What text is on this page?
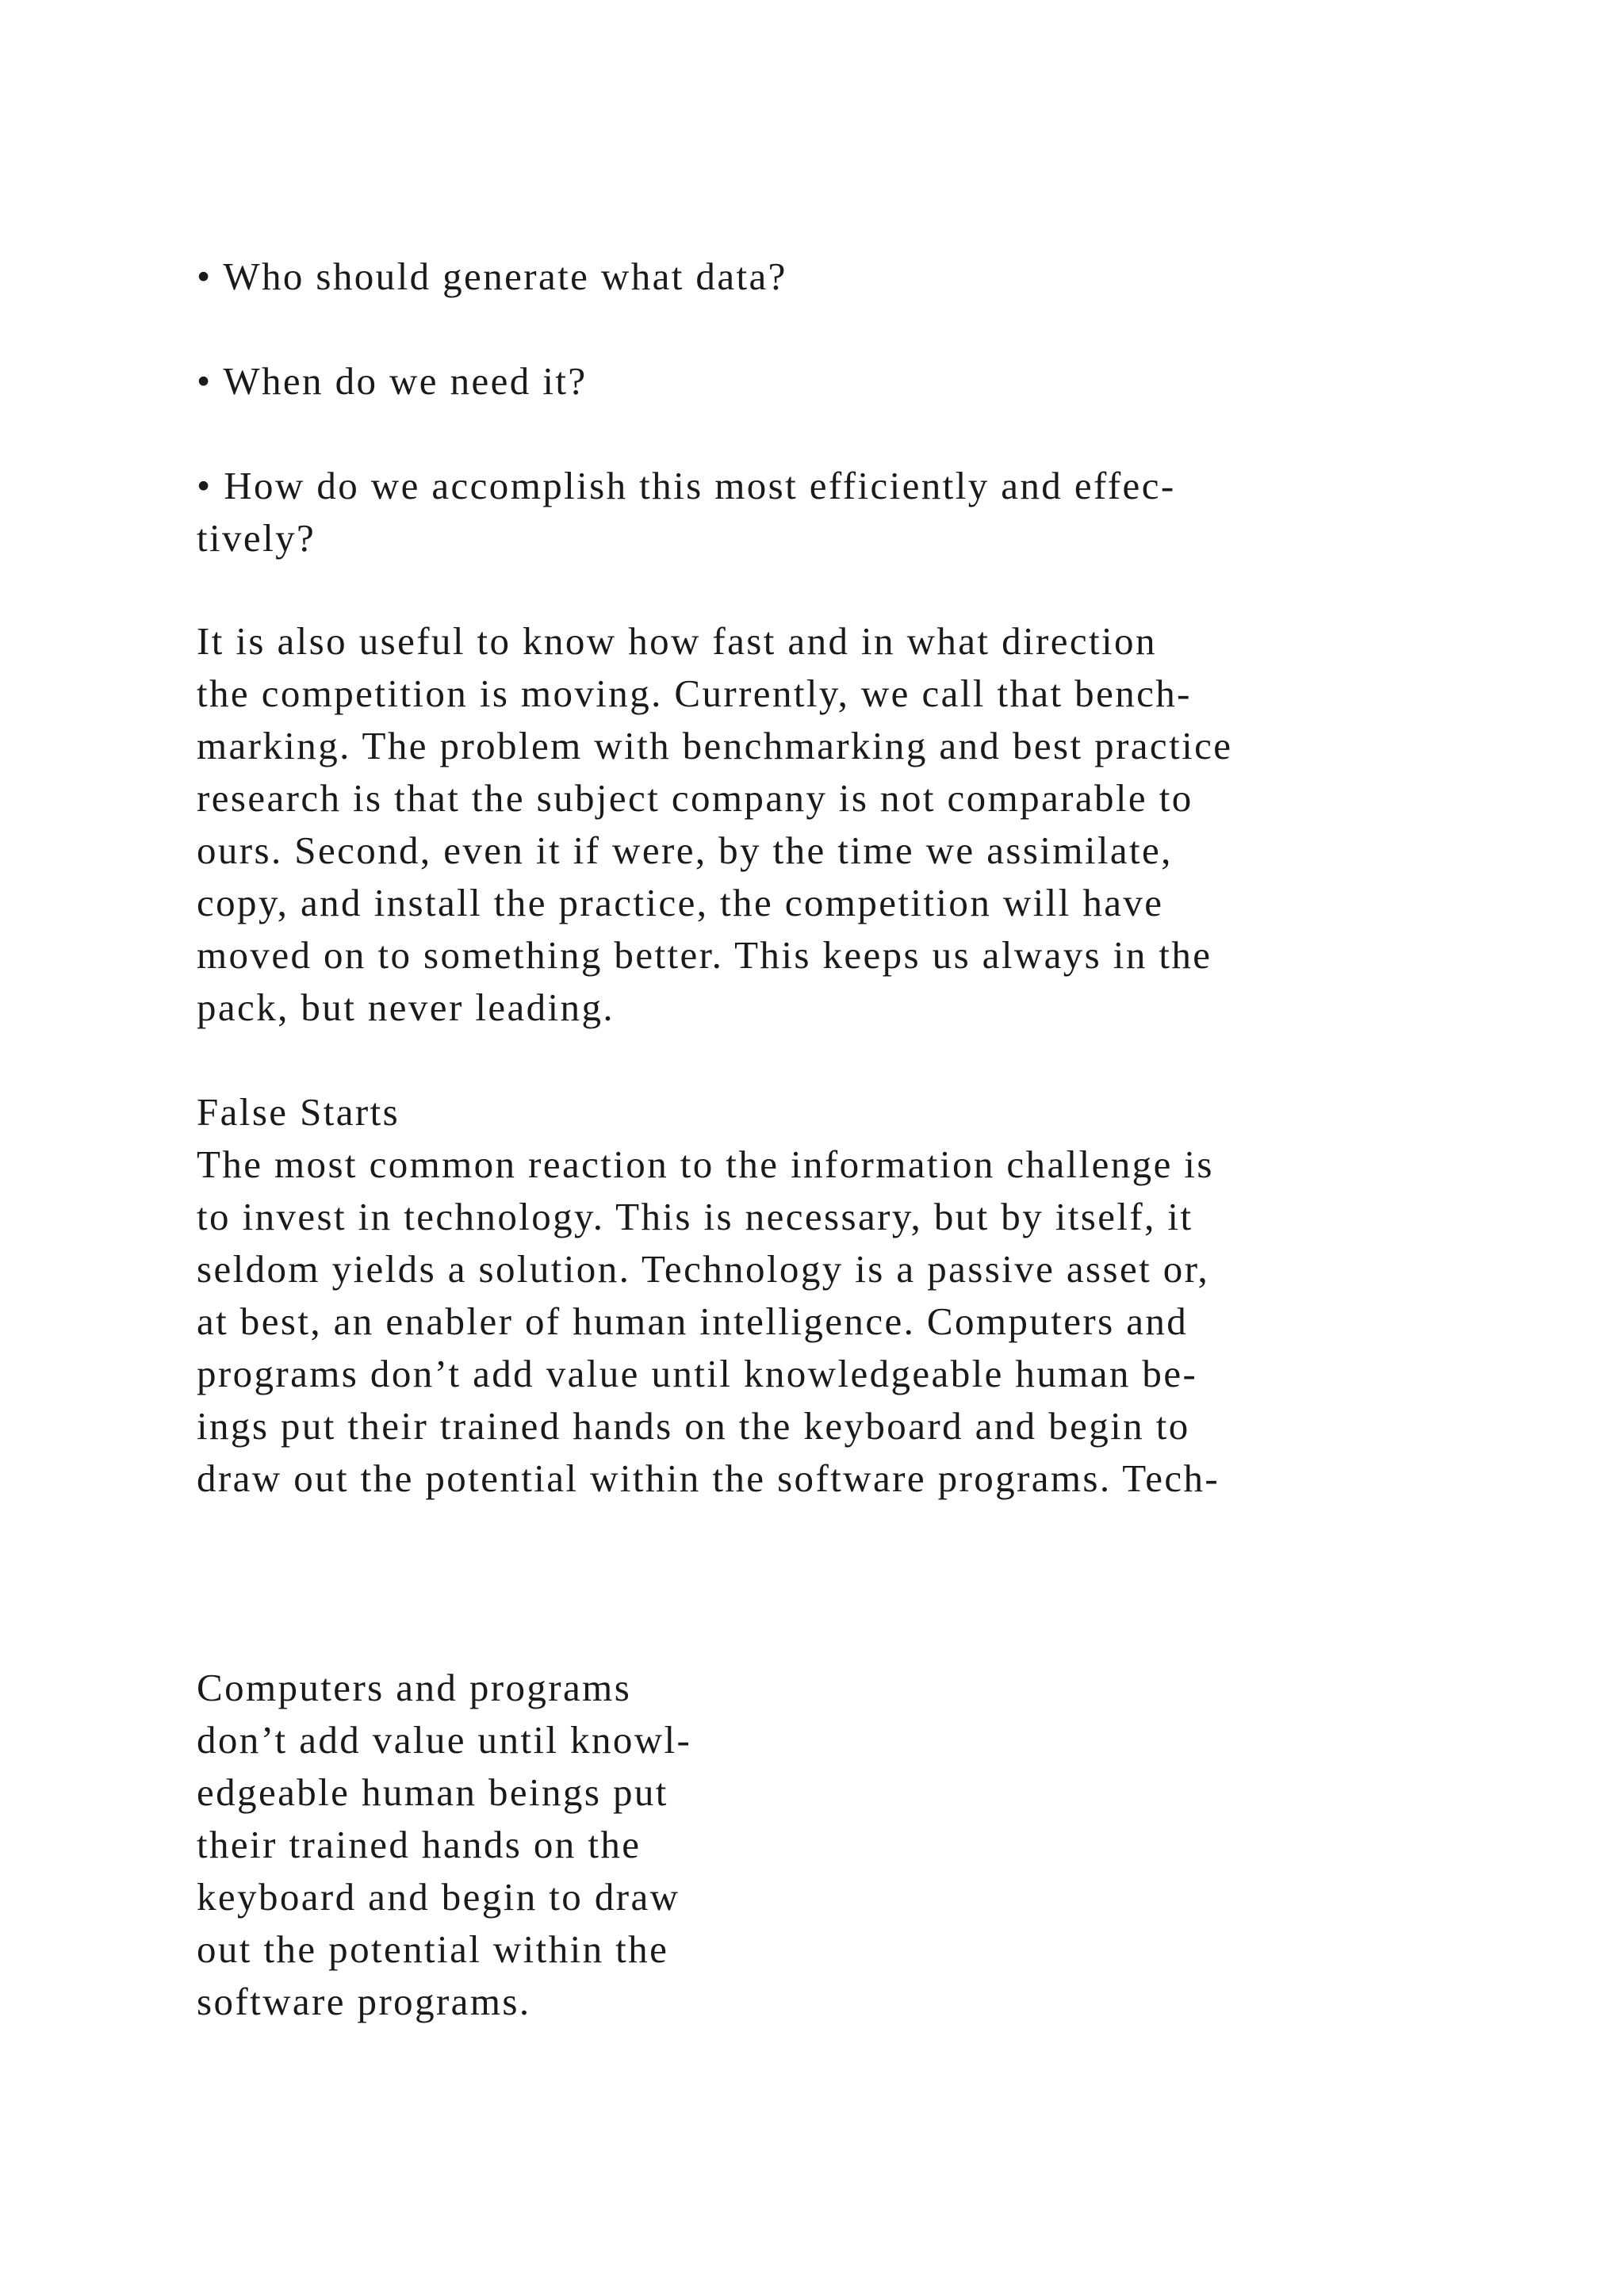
• Who should generate what data?
• When do we need it?
• How do we accomplish this most efficiently and effec-
tively?
It is also useful to know how fast and in what direction
the competition is moving. Currently, we call that bench-
marking. The problem with benchmarking and best practice
research is that the subject company is not comparable to
ours. Second, even it if were, by the time we assimilate,
copy, and install the practice, the competition will have
moved on to something better. This keeps us always in the
pack, but never leading.
False Starts
The most common reaction to the information challenge is
to invest in technology. This is necessary, but by itself, it
seldom yields a solution. Technology is a passive asset or,
at best, an enabler of human intelligence. Computers and
programs don’t add value until knowledgeable human be-
ings put their trained hands on the keyboard and begin to
draw out the potential within the software programs. Tech-
Computers and programs
don’t add value until knowl-
edgeable human beings put
their trained hands on the
keyboard and begin to draw
out the potential within the
software programs.
